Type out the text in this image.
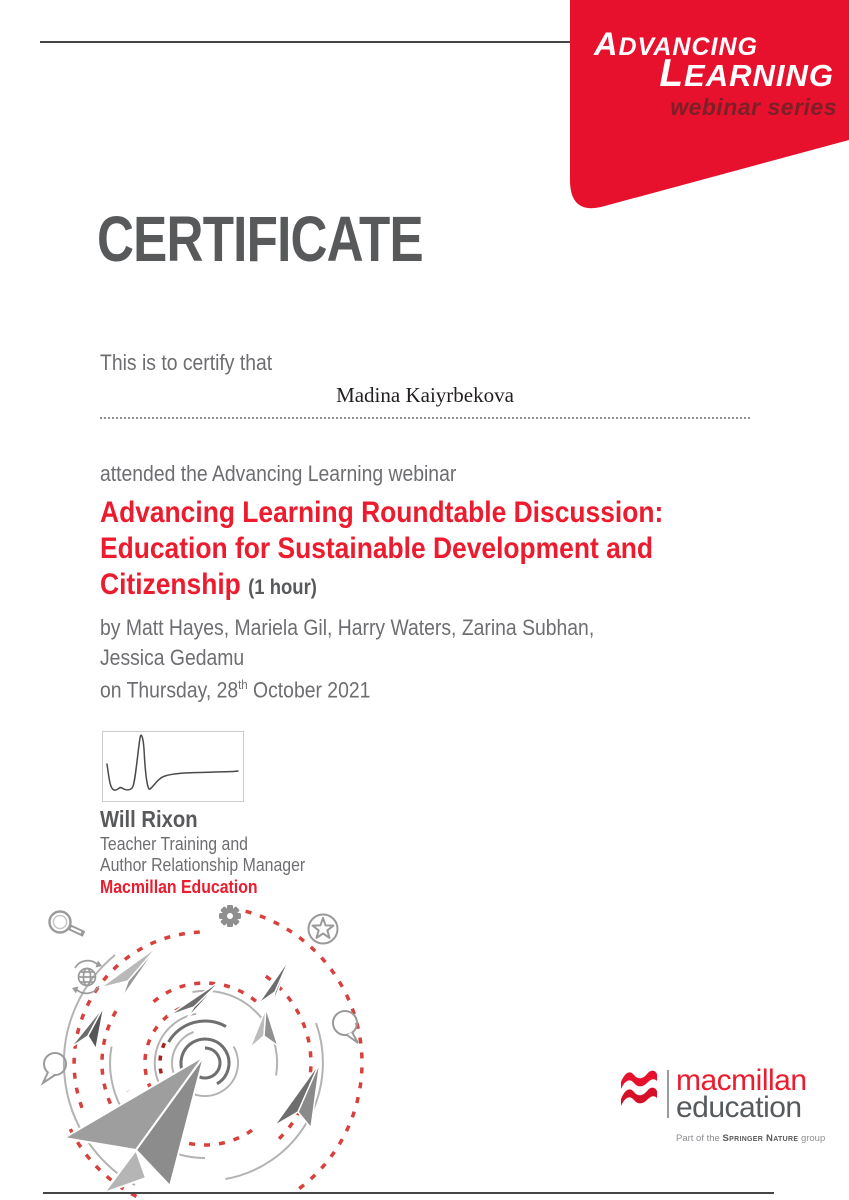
ADVANCING
LEARNING
webinar series
CERTIFICATE
This is to certify that
Madina Kaiyrbekova
attended the Advancing Learning webinar
Advancing Learning Roundtable Discussion:
Education for Sustainable Development and
Citizenship (1 hour)
by Matt Hayes, Mariela Gil, Harry Waters, Zarina Subhan,
Jessica Gedamu
on Thursday, 28th October 2021
Will Rixon
Teacher Training and
Author Relationship Manager
Macmillan Education
macmillan
education
Part of the Springer Nature group
